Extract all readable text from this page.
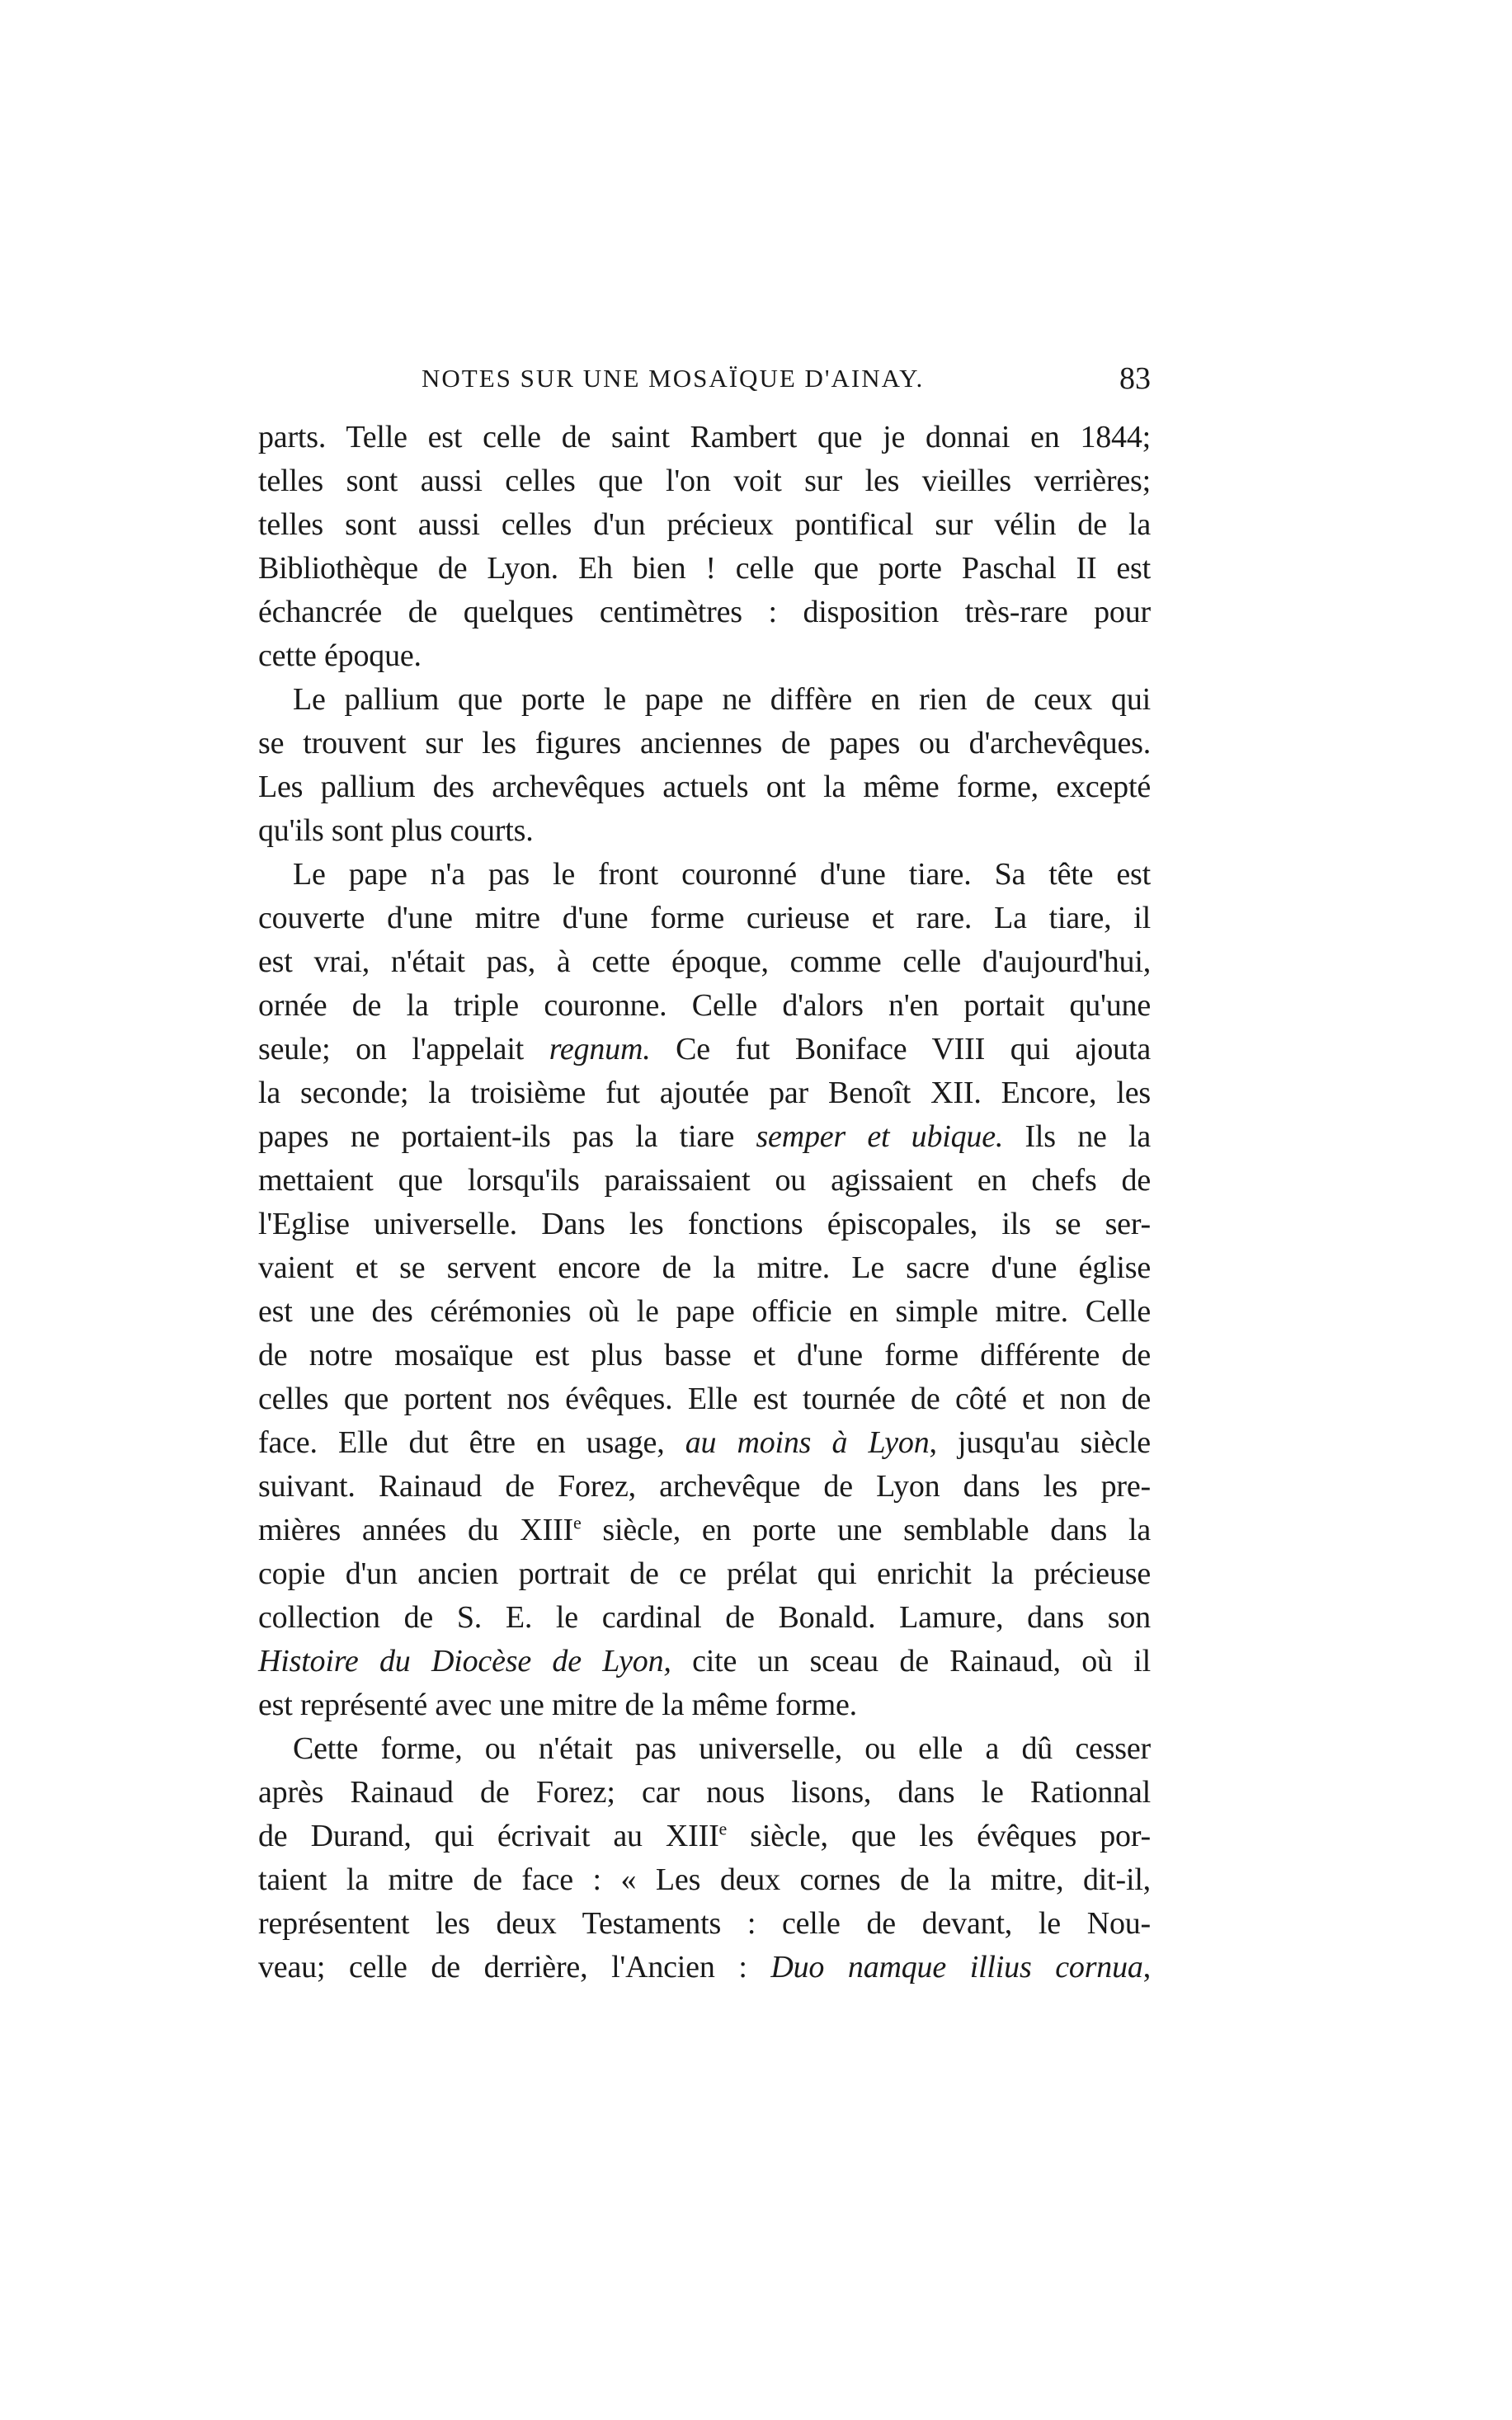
NOTES SUR UNE MOSAÏQUE D'AINAY.	83
parts. Telle est celle de saint Rambert que je donnai en 1844;
telles sont aussi celles que l'on voit sur les vieilles verrières;
telles sont aussi celles d'un précieux pontifical sur vélin de la
Bibliothèque de Lyon. Eh bien ! celle que porte Paschal II est
échancrée de quelques centimètres : disposition très-rare pour
cette époque.
Le pallium que porte le pape ne diffère en rien de ceux qui
se trouvent sur les figures anciennes de papes ou d'archevêques.
Les pallium des archevêques actuels ont la même forme, excepté
qu'ils sont plus courts.
Le pape n'a pas le front couronné d'une tiare. Sa tête est
couverte d'une mitre d'une forme curieuse et rare. La tiare, il
est vrai, n'était pas, à cette époque, comme celle d'aujourd'hui,
ornée de la triple couronne. Celle d'alors n'en portait qu'une
seule; on l'appelait regnum. Ce fut Boniface VIII qui ajouta
la seconde; la troisième fut ajoutée par Benoît XII. Encore, les
papes ne portaient-ils pas la tiare semper et ubique. Ils ne la
mettaient que lorsqu'ils paraissaient ou agissaient en chefs de
l'Eglise universelle. Dans les fonctions épiscopales, ils se ser-
vaient et se servent encore de la mitre. Le sacre d'une église
est une des cérémonies où le pape officie en simple mitre. Celle
de notre mosaïque est plus basse et d'une forme différente de
celles que portent nos évêques. Elle est tournée de côté et non de
face. Elle dut être en usage, au moins à Lyon, jusqu'au siècle
suivant. Rainaud de Forez, archevêque de Lyon dans les pre-
mières années du XIIIe siècle, en porte une semblable dans la
copie d'un ancien portrait de ce prélat qui enrichit la précieuse
collection de S. E. le cardinal de Bonald. Lamure, dans son
Histoire du Diocèse de Lyon, cite un sceau de Rainaud, où il
est représenté avec une mitre de la même forme.
Cette forme, ou n'était pas universelle, ou elle a dû cesser
après Rainaud de Forez; car nous lisons, dans le Rationnal
de Durand, qui écrivait au XIIIe siècle, que les évêques por-
taient la mitre de face : « Les deux cornes de la mitre, dit-il,
représentent les deux Testaments : celle de devant, le Nou-
veau; celle de derrière, l'Ancien : Duo namque illius cornua,
